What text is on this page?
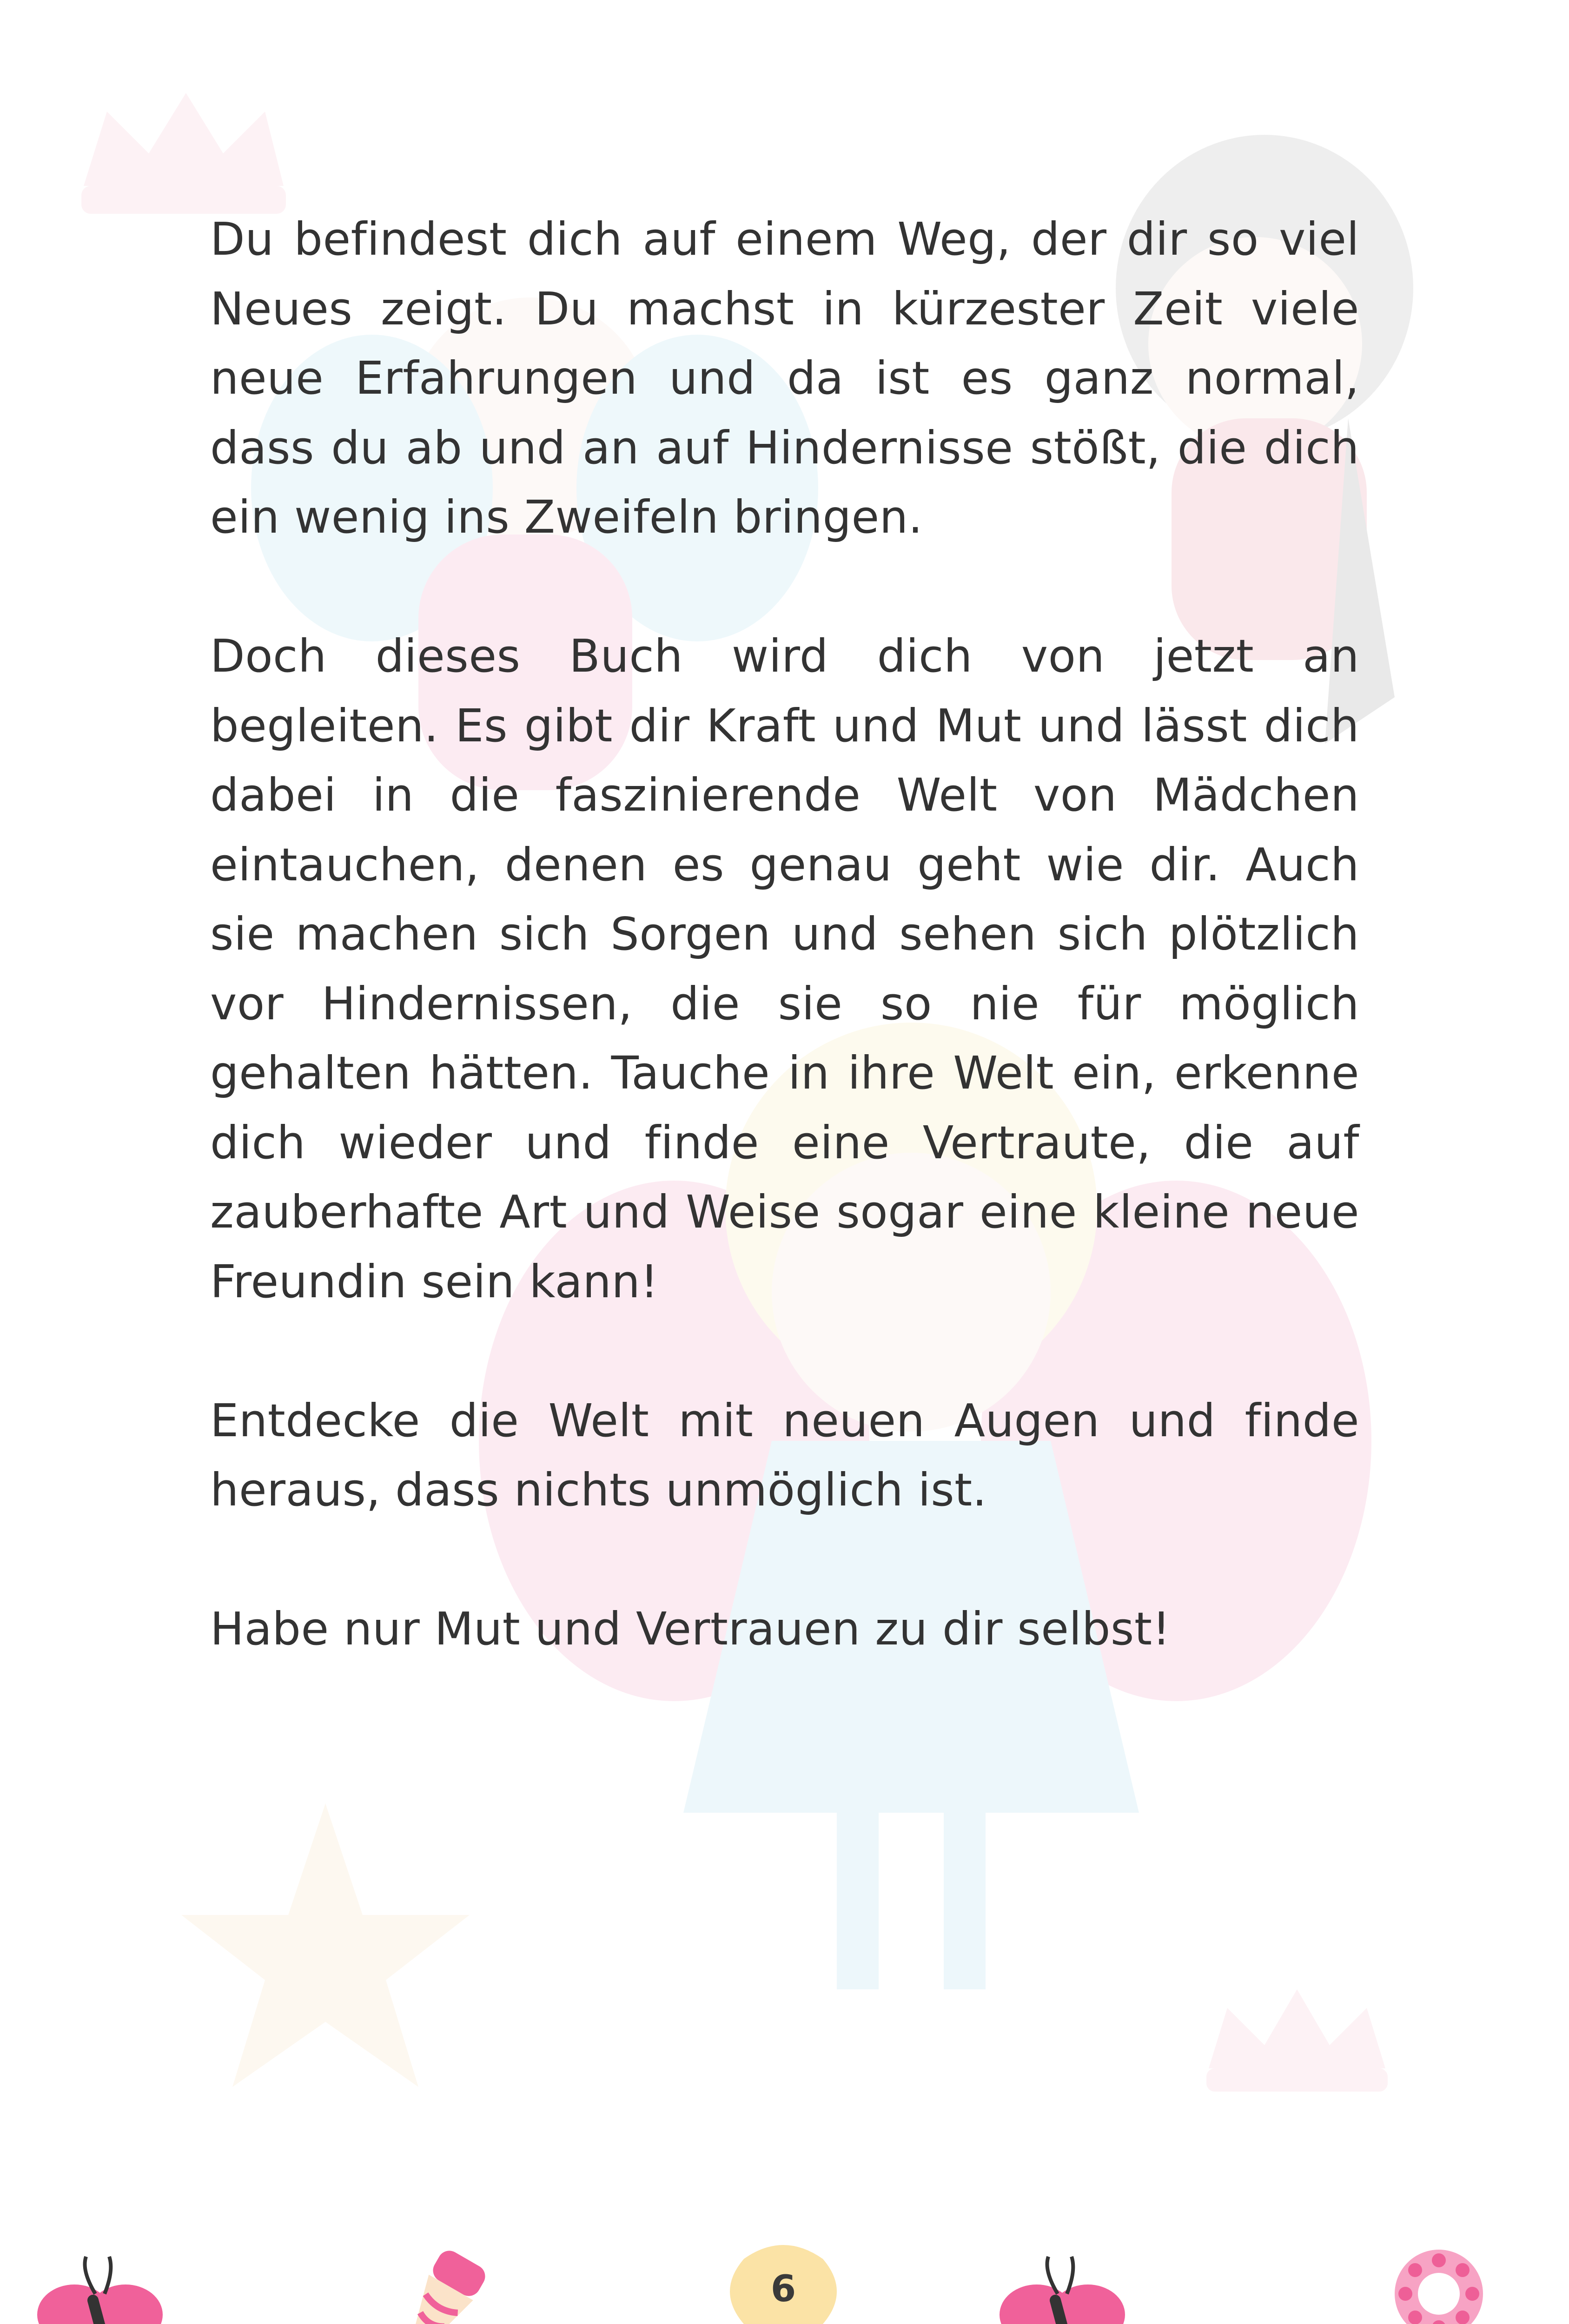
Du befindest dich auf einem Weg, der dir so viel Neues zeigt. Du machst in kürzester Zeit viele neue Erfahrungen und da ist es ganz normal, dass du ab und an auf Hindernisse stößt, die dich ein wenig ins Zweifeln bringen.

Doch dieses Buch wird dich von jetzt an begleiten. Es gibt dir Kraft und Mut und lässt dich dabei in die faszinierende Welt von Mädchen eintauchen, denen es genau geht wie dir. Auch sie machen sich Sorgen und sehen sich plötzlich vor Hindernissen, die sie so nie für möglich gehalten hätten. Tauche in ihre Welt ein, erkenne dich wieder und finde eine Vertraute, die auf zauberhafte Art und Weise sogar eine kleine neue Freundin sein kann!

Entdecke die Welt mit neuen Augen und finde heraus, dass nichts unmöglich ist.

Habe nur Mut und Vertrauen zu dir selbst!

6
